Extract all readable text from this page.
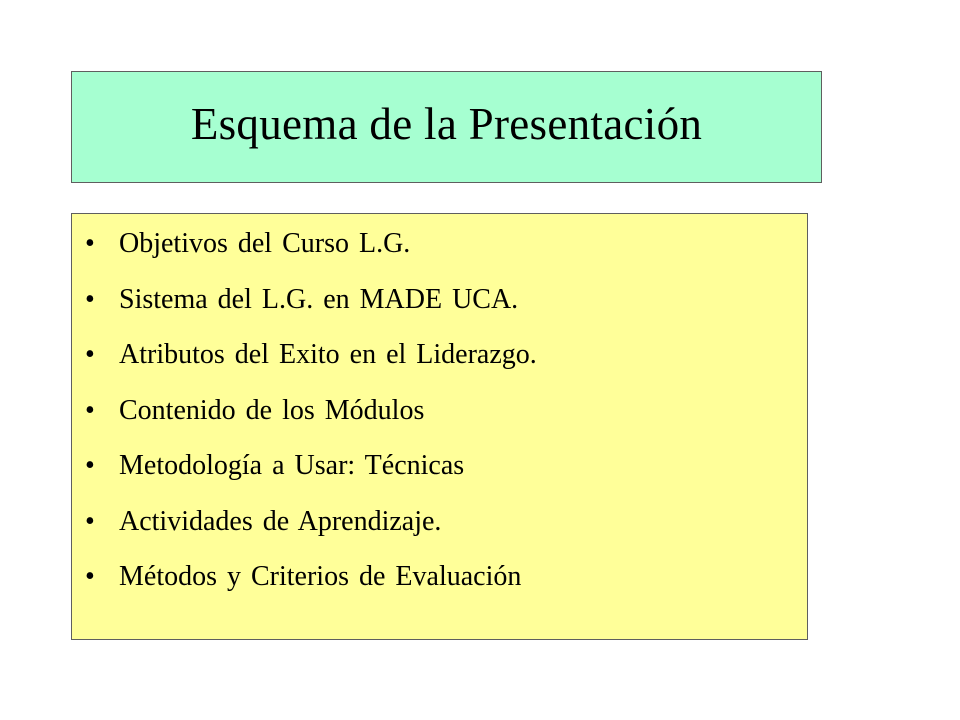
Esquema de la Presentación
• Objetivos del Curso L.G.
• Sistema del L.G. en MADE UCA.
• Atributos del Exito en el Liderazgo.
• Contenido de los Módulos
• Metodología a Usar: Técnicas
• Actividades de Aprendizaje.
• Métodos y Criterios de Evaluación
